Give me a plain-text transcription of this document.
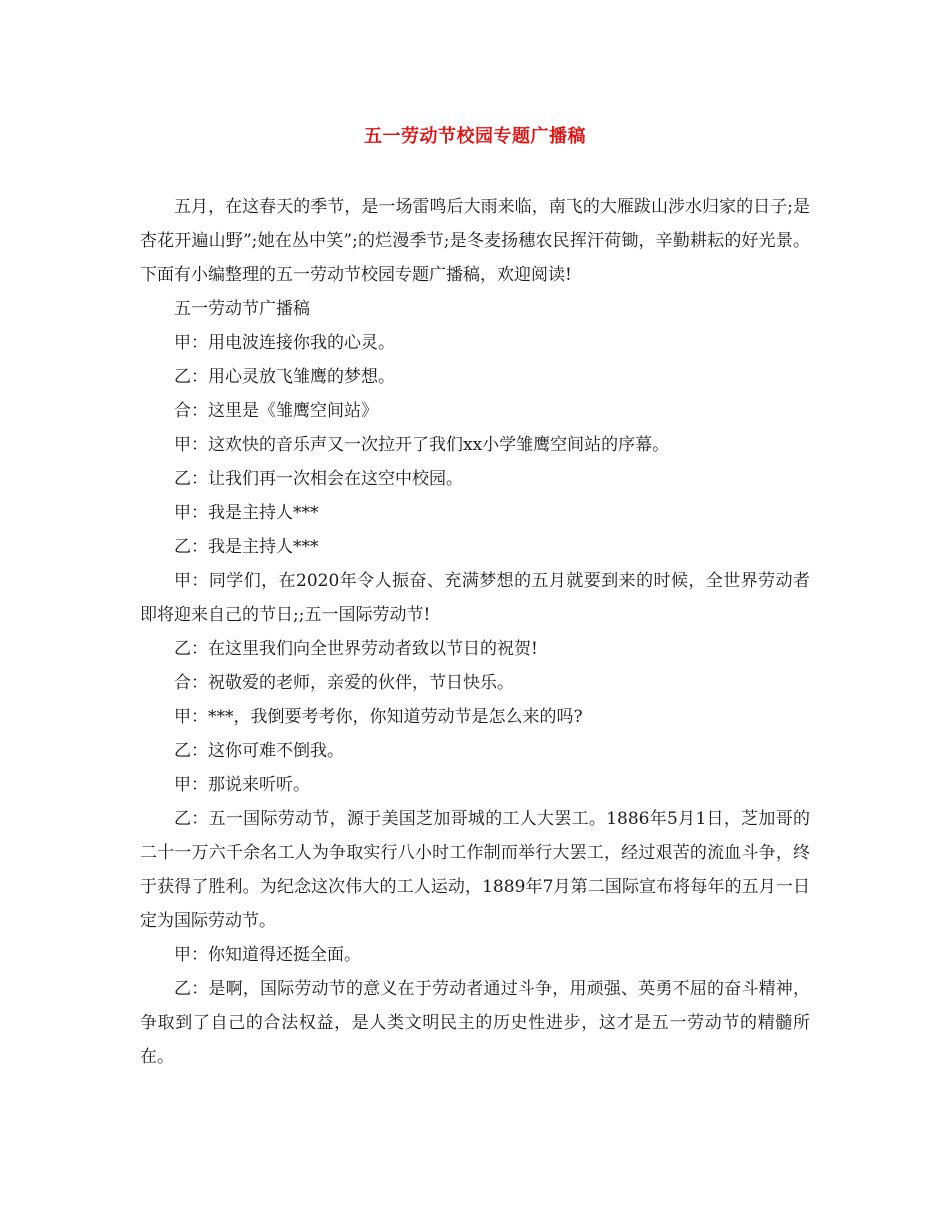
五一劳动节校园专题广播稿

五月，在这春天的季节，是一场雷鸣后大雨来临，南飞的大雁跋山涉水归家的日子;是杏花开遍山野”;她在丛中笑”;的烂漫季节;是冬麦扬穗农民挥汗荷锄，辛勤耕耘的好光景。下面有小编整理的五一劳动节校园专题广播稿，欢迎阅读!

五一劳动节广播稿

甲：用电波连接你我的心灵。

乙：用心灵放飞雏鹰的梦想。

合：这里是《雏鹰空间站》

甲：这欢快的音乐声又一次拉开了我们xx小学雏鹰空间站的序幕。

乙：让我们再一次相会在这空中校园。

甲：我是主持人***

乙：我是主持人***

甲：同学们，在2020年令人振奋、充满梦想的五月就要到来的时候，全世界劳动者即将迎来自己的节日;;五一国际劳动节!

乙：在这里我们向全世界劳动者致以节日的祝贺!

合：祝敬爱的老师，亲爱的伙伴，节日快乐。

甲：***，我倒要考考你，你知道劳动节是怎么来的吗?

乙：这你可难不倒我。

甲：那说来听听。

乙：五一国际劳动节，源于美国芝加哥城的工人大罢工。1886年5月1日，芝加哥的二十一万六千余名工人为争取实行八小时工作制而举行大罢工，经过艰苦的流血斗争，终于获得了胜利。为纪念这次伟大的工人运动，1889年7月第二国际宣布将每年的五月一日定为国际劳动节。

甲：你知道得还挺全面。

乙：是啊，国际劳动节的意义在于劳动者通过斗争，用顽强、英勇不屈的奋斗精神，争取到了自己的合法权益，是人类文明民主的历史性进步，这才是五一劳动节的精髓所在。
